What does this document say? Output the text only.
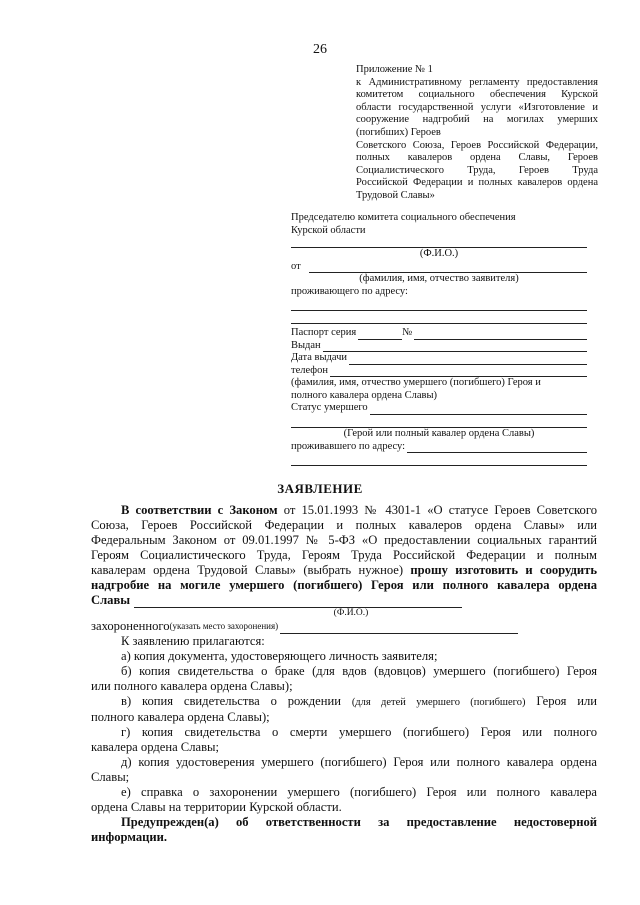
26
Приложение № 1
к Административному регламенту предоставления
комитетом социального обеспечения Курской
области государственной услуги «Изготовление и
сооружение надгробий на могилах умерших
(погибших) Героев
Советского Союза, Героев Российской Федерации,
полных кавалеров ордена Славы, Героев
Социалистического Труда, Героев Труда
Российской Федерации и полных кавалеров ордена
Трудовой Славы»
Председателю комитета социального обеспечения
Курской области
(Ф.И.О.)
от
(фамилия, имя, отчество заявителя)
проживающего по адресу:
Паспорт серия	№
Выдан
Дата выдачи
телефон
(фамилия, имя, отчество умершего (погибшего) Героя и
полного кавалера ордена Славы)
Статус умершего
(Герой или полный кавалер ордена Славы)
проживавшего по адресу:
ЗАЯВЛЕНИЕ

В соответствии с Законом от 15.01.1993 № 4301-1 «О статусе Героев Советского

Союза, Героев Российской Федерации и полных кавалеров ордена Славы» или

Федеральным Законом от 09.01.1997 № 5-ФЗ «О предоставлении социальных гарантий

Героям Социалистического Труда, Героям Труда Российской Федерации и полным

кавалерам ордена Трудовой Славы» (выбрать нужное) прошу изготовить и соорудить

надгробие на могиле умершего (погибшего) Героя или полного кавалера ордена

Славы

(Ф.И.О.)

захороненного (указать место захоронения)

К заявлению прилагаются:

а) копия документа, удостоверяющего личность заявителя;

б) копия свидетельства о браке (для вдов (вдовцов) умершего (погибшего) Героя

или полного кавалера ордена Славы);

в) копия свидетельства о рождении (для детей умершего (погибшего) Героя или

полного кавалера ордена Славы);

г) копия свидетельства о смерти умершего (погибшего) Героя или полного

кавалера ордена Славы;

д) копия удостоверения умершего (погибшего) Героя или полного кавалера ордена

Славы;

е) справка о захоронении умершего (погибшего) Героя или полного кавалера

ордена Славы на территории Курской области.

Предупрежден(а) об ответственности за предоставление недостоверной

информации.
